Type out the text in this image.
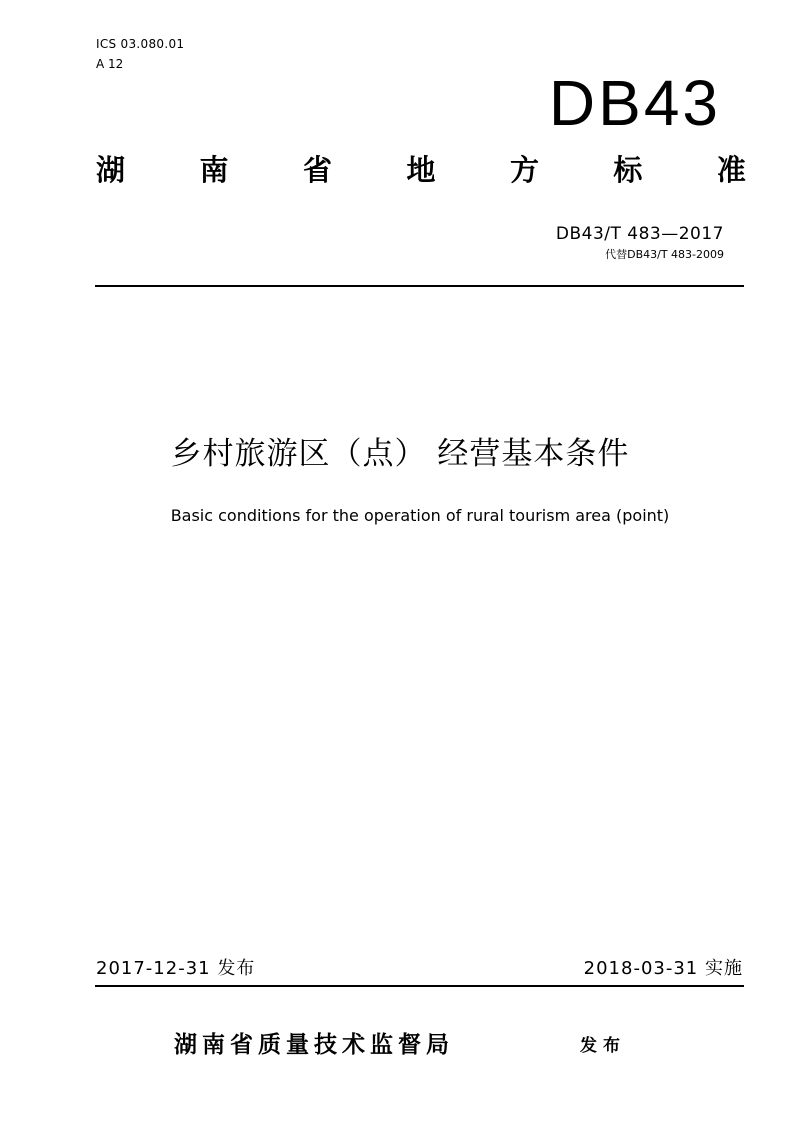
ICS 03.080.01
A 12
DB43
湖	南	省	地	方	标	准
DB43/T 483—2017
代替DB43/T 483-2009
乡村旅游区（点） 经营基本条件
Basic conditions for the operation of rural tourism area (point)
2017-12-31 发布	2018-03-31 实施
湖南省质量技术监督局	发布
